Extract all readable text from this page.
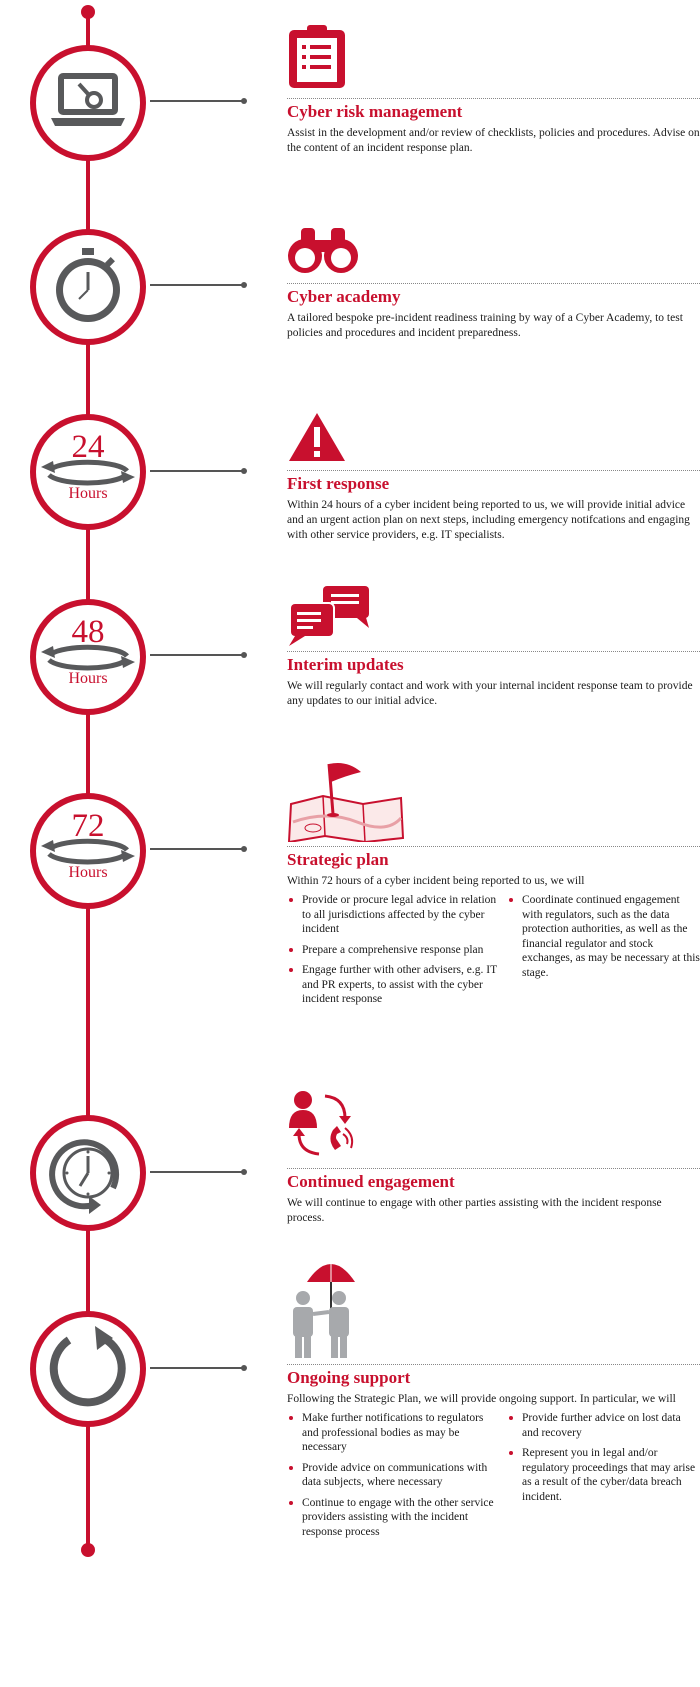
Cyber risk management

Assist in the development and/or review of checklists, policies and procedures. Advise on the content of an incident response plan.

Cyber academy

A tailored bespoke pre-incident readiness training by way of a Cyber Academy, to test policies and procedures and incident preparedness.

24
Hours
First response

Within 24 hours of a cyber incident being reported to us, we will provide initial advice and an urgent action plan on next steps, including emergency notifcations and engaging with other service providers, e.g. IT specialists.

48
Hours
Interim updates

We will regularly contact and work with your internal incident response team to provide any updates to our initial advice.

72
Hours
Strategic plan

Within 72 hours of a cyber incident being reported to us, we will

Provide or procure legal advice in relation to all jurisdictions affected by the cyber incident
Prepare a comprehensive response plan
Engage further with other advisers, e.g. IT and PR experts, to assist with the cyber incident response
Coordinate continued engagement with regulators, such as the data protection authorities, as well as the financial regulator and stock exchanges, as may be necessary at this stage.
Continued engagement

We will continue to engage with other parties assisting with the incident response process.

Ongoing support

Following the Strategic Plan, we will provide ongoing support. In particular, we will

Make further notifications to regulators and professional bodies as may be necessary
Provide advice on communications with data subjects, where necessary
Continue to engage with the other service providers assisting with the incident response process
Provide further advice on lost data and recovery
Represent you in legal and/or regulatory proceedings that may arise as a result of the cyber/data breach incident.
